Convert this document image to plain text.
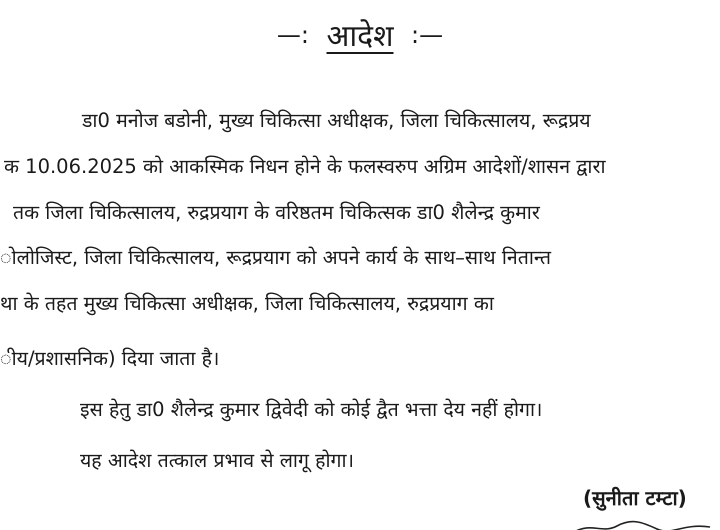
—: आदेश :—
डा0 मनोज बडोनी, मुख्य चिकित्सा अधीक्षक, जिला चिकित्सालय, रूद्रप्रय
क 10.06.2025 को आकस्मिक निधन होने के फलस्वरुप अग्रिम आदेशों/शासन द्वारा
तक जिला चिकित्सालय, रुद्रप्रयाग के वरिष्ठतम चिकित्सक डा0 शैलेन्द्र कुमार
ोलोजिस्ट, जिला चिकित्सालय, रूद्रप्रयाग को अपने कार्य के साथ–साथ नितान्त
था के तहत मुख्य चिकित्सा अधीक्षक, जिला चिकित्सालय, रुद्रप्रयाग का
ीय/प्रशासनिक) दिया जाता है।
इस हेतु डा0 शैलेन्द्र कुमार द्विवेदी को कोई द्वैत भत्ता देय नहीं होगा।
यह आदेश तत्काल प्रभाव से लागू होगा।
(सुनीता टम्टा)
